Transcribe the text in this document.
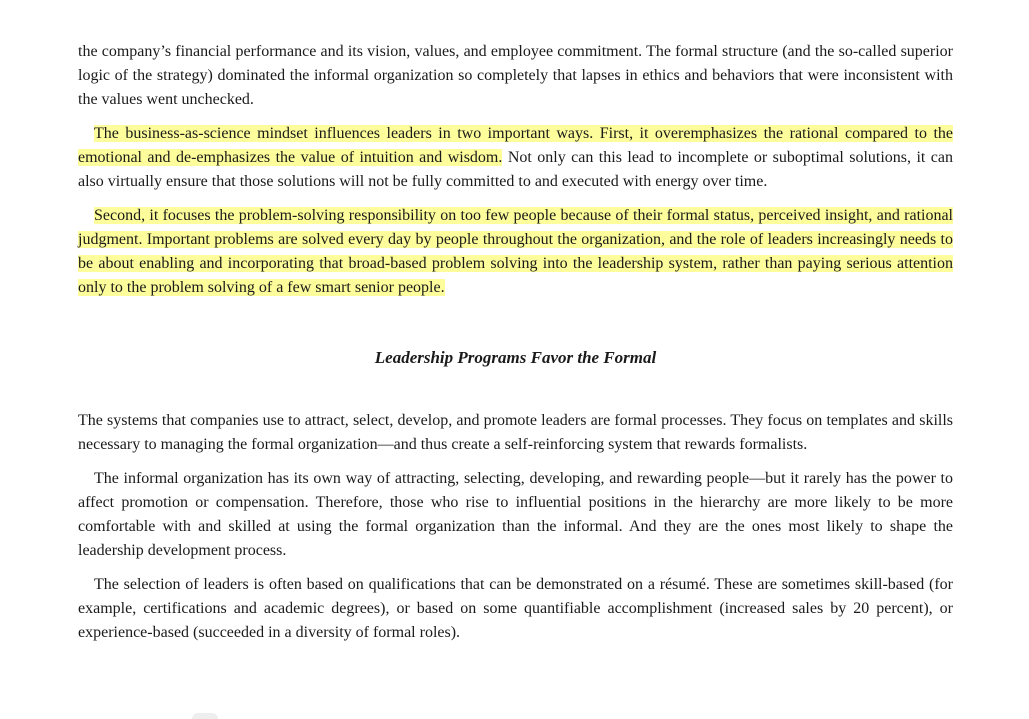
the company’s financial performance and its vision, values, and employee commitment. The formal structure (and the so-called superior logic of the strategy) dominated the informal organization so completely that lapses in ethics and behaviors that were inconsistent with the values went unchecked.

The business-as-science mindset influences leaders in two important ways. First, it overemphasizes the rational compared to the emotional and de-emphasizes the value of intuition and wisdom. Not only can this lead to incomplete or suboptimal solutions, it can also virtually ensure that those solutions will not be fully committed to and executed with energy over time.

Second, it focuses the problem-solving responsibility on too few people because of their formal status, perceived insight, and rational judgment. Important problems are solved every day by people throughout the organization, and the role of leaders increasingly needs to be about enabling and incorporating that broad-based problem solving into the leadership system, rather than paying serious attention only to the problem solving of a few smart senior people.

Leadership Programs Favor the Formal

The systems that companies use to attract, select, develop, and promote leaders are formal processes. They focus on templates and skills necessary to managing the formal organization—and thus create a self-reinforcing system that rewards formalists.

The informal organization has its own way of attracting, selecting, developing, and rewarding people—but it rarely has the power to affect promotion or compensation. Therefore, those who rise to influential positions in the hierarchy are more likely to be more comfortable with and skilled at using the formal organization than the informal. And they are the ones most likely to shape the leadership development process.

The selection of leaders is often based on qualifications that can be demonstrated on a résumé. These are sometimes skill-based (for example, certifications and academic degrees), or based on some quantifiable accomplishment (increased sales by 20 percent), or experience-based (succeeded in a diversity of formal roles).
